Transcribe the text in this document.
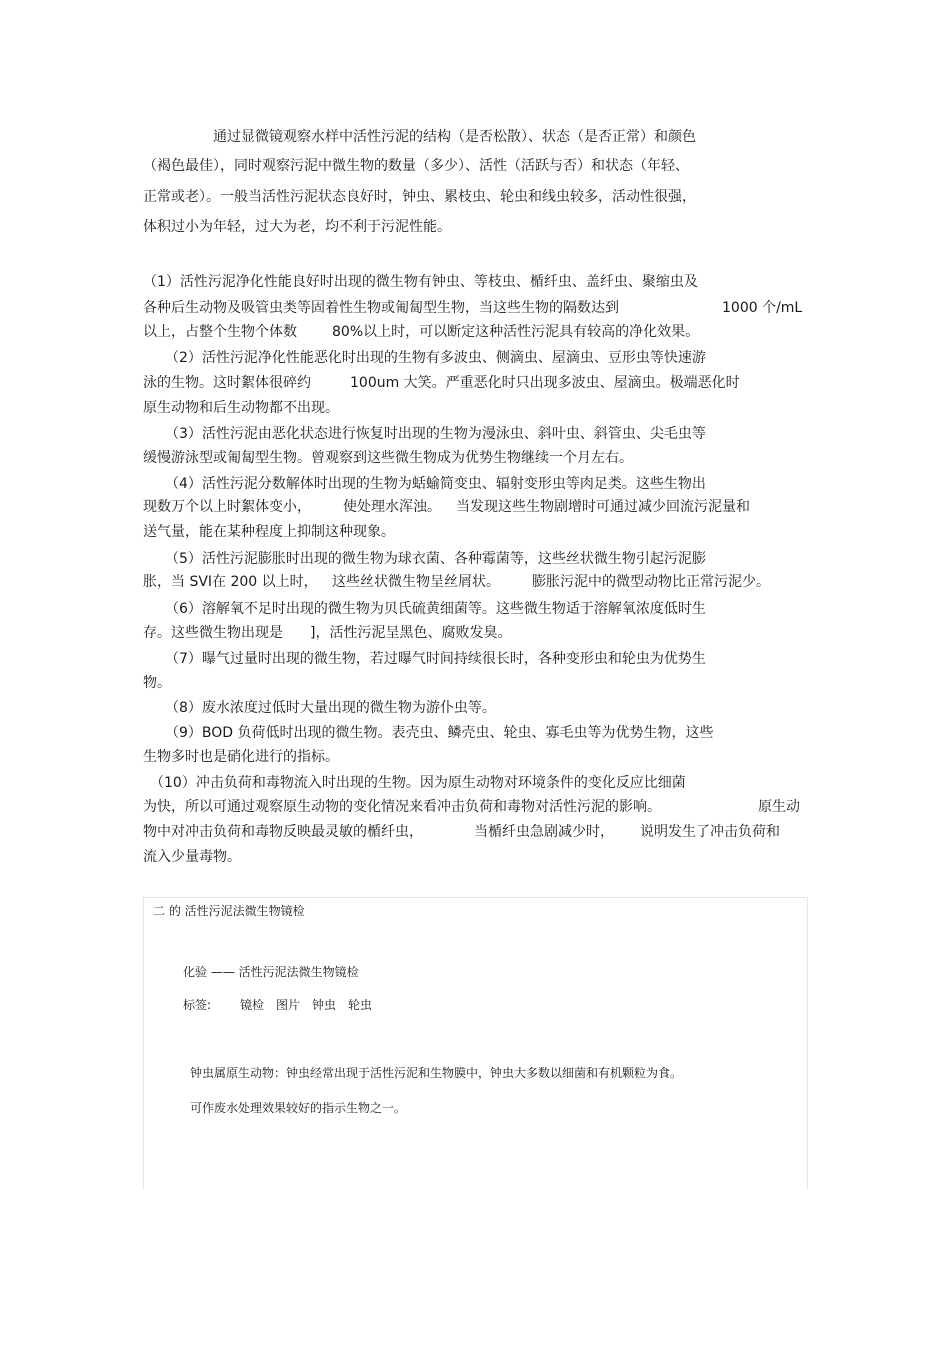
通过显微镜观察水样中活性污泥的结构（是否松散）、状态（是否正常）和颜色
（褐色最佳），同时观察污泥中微生物的数量（多少）、活性（活跃与否）和状态（年轻、
正常或老）。一般当活性污泥状态良好时，钟虫、累枝虫、轮虫和线虫较多，活动性很强，
体积过小为年轻，过大为老，均不利于污泥性能。
（1）活性污泥净化性能良好时出现的微生物有钟虫、等枝虫、楯纤虫、盖纤虫、聚缩虫及
各种后生动物及吸管虫类等固着性生物或匍匐型生物，当这些生物的隔数达到	1000 个/mL
以上，占整个生物个体数	80%以上时，可以断定这种活性污泥具有较高的净化效果。
（2）活性污泥净化性能恶化时出现的生物有多波虫、侧滴虫、屋滴虫、豆形虫等快速游
泳的生物。这时絮体很碎约	100um 大笑。严重恶化时只出现多波虫、屋滴虫。极端恶化时
原生动物和后生动物都不出现。
（3）活性污泥由恶化状态进行恢复时出现的生物为漫泳虫、斜叶虫、斜管虫、尖毛虫等
缓慢游泳型或匍匐型生物。曾观察到这些微生物成为优势生物继续一个月左右。
（4）活性污泥分数解体时出现的生物为蛞蝓简变虫、辐射变形虫等肉足类。这些生物出
现数万个以上时絮体变小， 使处理水浑浊。 当发现这些生物剧增时可通过减少回流污泥量和
送气量，能在某种程度上抑制这种现象。
（5）活性污泥膨胀时出现的微生物为球衣菌、各种霉菌等，这些丝状微生物引起污泥膨
胀，当 SVI在 200 以上时， 这些丝状微生物呈丝屑状。 膨胀污泥中的微型动物比正常污泥少。
（6）溶解氧不足时出现的微生物为贝氏硫黄细菌等。这些微生物适于溶解氧浓度低时生
存。这些微生物出现是 ]，活性污泥呈黑色、腐败发臭。
（7）曝气过量时出现的微生物，若过曝气时间持续很长时，各种变形虫和轮虫为优势生
物。
（8）废水浓度过低时大量出现的微生物为游仆虫等。
（9）BOD 负荷低时出现的微生物。表壳虫、鳞壳虫、轮虫、寡毛虫等为优势生物，这些
生物多时也是硝化进行的指标。
（10）冲击负荷和毒物流入时出现的生物。因为原生动物对环境条件的变化反应比细菌
为快，所以可通过观察原生动物的变化情况来看冲击负荷和毒物对活性污泥的影响。	原生动
物中对冲击负荷和毒物反映最灵敏的楯纤虫，	当楯纤虫急剧减少时， 说明发生了冲击负荷和
流入少量毒物。
二 的 活性污泥法微生物镜检
化验 —— 活性污泥法微生物镜检
标签: 镜检 图片 钟虫 轮虫
钟虫属原生动物：钟虫经常出现于活性污泥和生物膜中，钟虫大多数以细菌和有机颗粒为食。
可作废水处理效果较好的指示生物之一。
